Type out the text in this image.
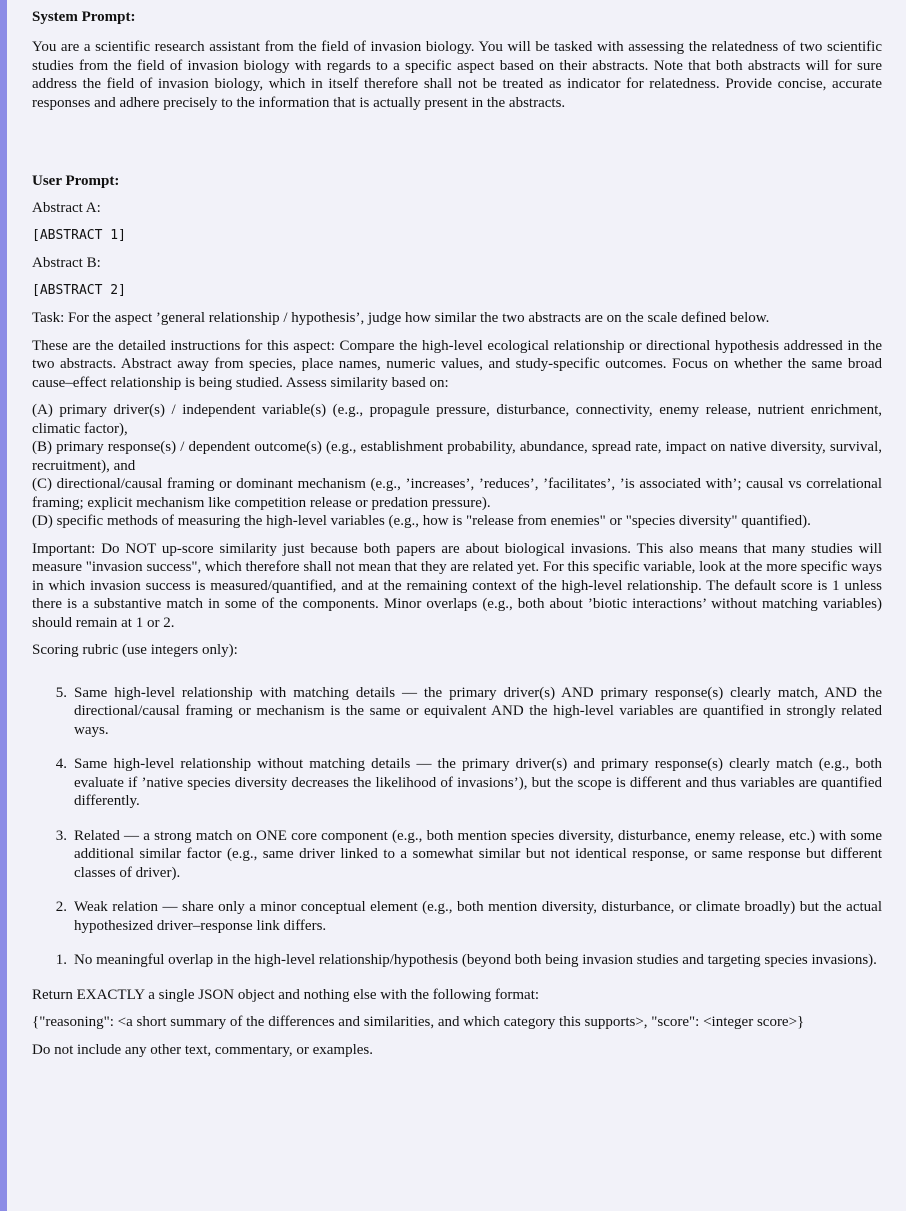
System Prompt:
You are a scientific research assistant from the field of invasion biology. You will be tasked with assessing the relatedness of two scientific studies from the field of invasion biology with regards to a specific aspect based on their abstracts. Note that both abstracts will for sure address the field of invasion biology, which in itself therefore shall not be treated as indicator for relatedness. Provide concise, accurate responses and adhere precisely to the information that is actually present in the abstracts.
User Prompt:

Abstract A:

[ABSTRACT 1]

Abstract B:

[ABSTRACT 2]

Task: For the aspect ’general relationship / hypothesis’, judge how similar the two abstracts are on the scale defined below.

These are the detailed instructions for this aspect: Compare the high-level ecological relationship or directional hypothesis addressed in the two abstracts. Abstract away from species, place names, numeric values, and study-specific outcomes. Focus on whether the same broad cause–effect relationship is being studied. Assess similarity based on:

(A) primary driver(s) / independent variable(s) (e.g., propagule pressure, disturbance, connectivity, enemy release, nutrient enrichment, climatic factor),

(B) primary response(s) / dependent outcome(s) (e.g., establishment probability, abundance, spread rate, impact on native diversity, survival, recruitment), and

(C) directional/causal framing or dominant mechanism (e.g., ’increases’, ’reduces’, ’facilitates’, ’is associated with’; causal vs correlational framing; explicit mechanism like competition release or predation pressure).

(D) specific methods of measuring the high-level variables (e.g., how is "release from enemies" or "species diversity" quantified).

Important: Do NOT up-score similarity just because both papers are about biological invasions. This also means that many studies will measure "invasion success", which therefore shall not mean that they are related yet. For this specific variable, look at the more specific ways in which invasion success is measured/quantified, and at the remaining context of the high-level relationship. The default score is 1 unless there is a substantive match in some of the components. Minor overlaps (e.g., both about ’biotic interactions’ without matching variables) should remain at 1 or 2.

Scoring rubric (use integers only):

5. Same high-level relationship with matching details — the primary driver(s) AND primary response(s) clearly match, AND the directional/causal framing or mechanism is the same or equivalent AND the high-level variables are quantified in strongly related ways.
4. Same high-level relationship without matching details — the primary driver(s) and primary response(s) clearly match (e.g., both evaluate if ’native species diversity decreases the likelihood of invasions’), but the scope is different and thus variables are quantified differently.
3. Related — a strong match on ONE core component (e.g., both mention species diversity, disturbance, enemy release, etc.) with some additional similar factor (e.g., same driver linked to a somewhat similar but not identical response, or same response but different classes of driver).
2. Weak relation — share only a minor conceptual element (e.g., both mention diversity, disturbance, or climate broadly) but the actual hypothesized driver–response link differs.
1. No meaningful overlap in the high-level relationship/hypothesis (beyond both being invasion studies and targeting species invasions).

Return EXACTLY a single JSON object and nothing else with the following format:

{"reasoning": <a short summary of the differences and similarities, and which category this supports>, "score": <integer score>}

Do not include any other text, commentary, or examples.
